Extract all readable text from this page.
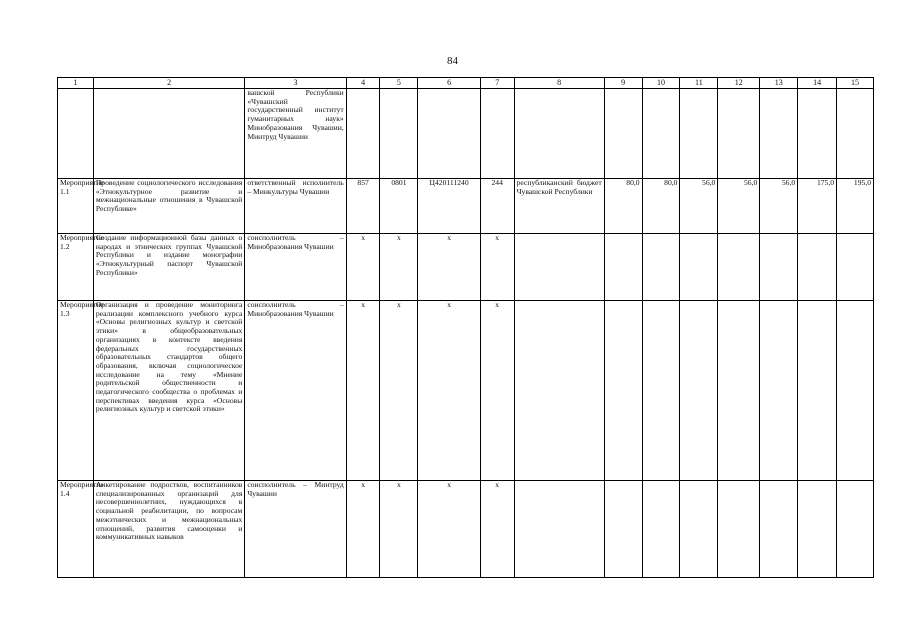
84
1	2	3	4	5	6	7	8	9	10	11	12	13	14	15
		вашской Республики «Чувашский государственный институт гуманитарных наук» Минобразования Чувашии, Минтруд Чувашии												
Мероприятие 1.1	Проведение социологического исследования «Этнокультурное развитие и межнациональные отношения в Чувашской Республике»	ответственный исполнитель – Минкультуры Чувашии	857	0801	Ц420111240	244	республиканский бюджет Чувашской Республики	80,0	80,0	56,0	56,0	56,0	175,0	195,0
Мероприятие 1.2	Создание информационной базы данных о народах и этнических группах Чувашской Республики и издание монографии «Этнокультурный паспорт Чувашской Республики»	соисполнитель – Минобразования Чувашии	x	x	x	x								
Мероприятие 1.3	Организация и проведение мониторинга реализации комплексного учебного курса «Основы религиозных культур и светской этики» в общеобразовательных организациях в контексте введения федеральных государственных образовательных стандартов общего образования, включая социологическое исследование на тему «Мнение родительской общественности и педагогического сообщества о проблемах и перспективах введения курса «Основы религиозных культур и светской этики»	соисполнитель – Минобразования Чувашии	x	x	x	x								
Мероприятие 1.4	Анкетирование подростков, воспитанников специализированных организаций для несовершеннолетних, нуждающихся в социальной реабилитации, по вопросам межэтнических и межнациональных отношений, развития самооценки и коммуникативных навыков	соисполнитель – Минтруд Чувашии	x	x	x	x								
